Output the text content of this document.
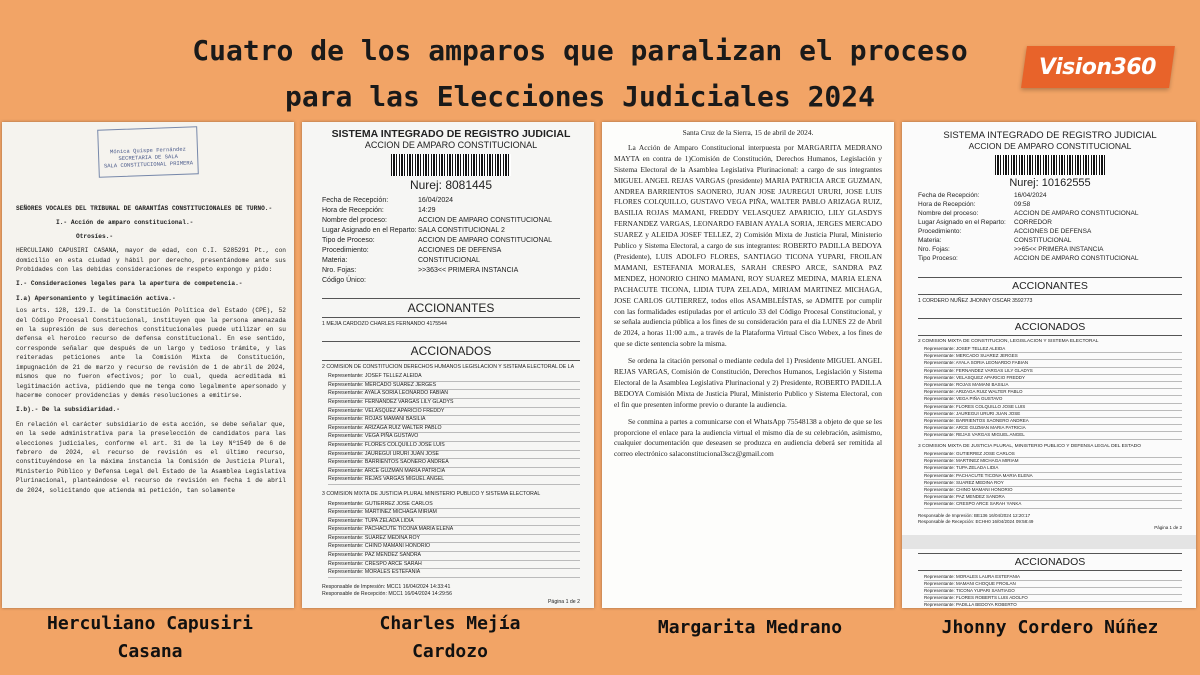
Cuatro de los amparos que paralizan el proceso
para las Elecciones Judiciales 2024
Vision360
Mónica Quispe Fernández
SECRETARIA DE SALA
SALA CONSTITUCIONAL PRIMERA
SEÑORES VOCALES DEL TRIBUNAL DE GARANTÍAS CONSTITUCIONALES DE TURNO.-
I.- Acción de amparo constitucional.-
Otrosíes.-
HERCULIANO CAPUSIRI CASANA, mayor de edad, con C.I. 5285291 Pt., con domicilio en esta ciudad y hábil por derecho, presentándome ante sus Probidades con las debidas consideraciones de respeto expongo y pido:
I.- Consideraciones legales para la apertura de competencia.-
I.a) Apersonamiento y legitimación activa.-
Los arts. 128, 129.I. de la Constitución Política del Estado (CPE), 52 del Código Procesal Constitucional, instituyen que la persona amenazada en la supresión de sus derechos constitucionales puede utilizar en su defensa el heroico recurso de defensa constitucional. En ese sentido, corresponde señalar que después de un largo y tedioso trámite, y las reiteradas peticiones ante la Comisión Mixta de Constitución, impugnación de 21 de marzo y recurso de revisión de 1 de abril de 2024, mismos que no fueron efectivos; por lo cual, queda acreditada mi legitimación activa, pidiendo que me tenga como legalmente apersonado y hacerme conocer providencias y demás resoluciones a emitirse.
I.b).- De la subsidiaridad.-
En relación el carácter subsidiario de esta acción, se debe señalar que, en la sede administrativa para la preselección de candidatos para las elecciones judiciales, conforme el art. 31 de la Ley Nº1549 de 6 de febrero de 2024, el recurso de revisión es el último recurso, constituyéndose en la máxima instancia la Comisión de Justicia Plural, Ministerio Público y Defensa Legal del Estado de la Asamblea Legislativa Plurinacional, planteándose el recurso de revisión en fecha 1 de abril de 2024, solicitando que atienda mi petición, tan solamente
SISTEMA INTEGRADO DE REGISTRO JUDICIAL
ACCION DE AMPARO CONSTITUCIONAL
Nurej: 8081445
Fecha de Recepción:	16/04/2024
Hora de Recepción:	14:29
Nombre del proceso:	ACCION DE AMPARO CONSTITUCIONAL
Lugar Asignado en el Reparto: SALA CONSTITUCIONAL 2
Tipo de Proceso:	ACCION DE AMPARO CONSTITUCIONAL
Procedimiento:	ACCIONES DE DEFENSA
Materia:	CONSTITUCIONAL
Nro. Fojas:	>>363<< PRIMERA INSTANCIA
Código Único:
ACCIONANTES
1 MEJIA CARDOZO CHARLES FERNANDO 4175544
ACCIONADOS
2 COMISION DE CONSTITUCION DERECHOS HUMANOS LEGISLACION Y SISTEMA ELECTORAL DE LA
Representante: JOSEF TELLEZ ALEIDA
Representante: MERCADO SUAREZ JERGES
Representante: AYALA SORIA LEONARDO FABIAN
Representante: FERNANDEZ VARGAS LILY GLADYS
Representante: VELASQUEZ APARICIO FREDDY
Representante: ROJAS MAMANI BASILIA
Representante: ARIZAGA RUIZ WALTER PABLO
Representante: VEGA PIÑA GUSTAVO
Representante: FLORES COLQUILLO JOSE LUIS
Representante: JAUREGUI URURI JUAN JOSE
Representante: BARRIENTOS SAONERO ANDREA
Representante: ARCE GUZMAN MARIA PATRICIA
Representante: REJAS VARGAS MIGUEL ANGEL
3 COMISION MIXTA DE JUSTICIA PLURAL MINISTERIO PUBLICO Y SISTEMA ELECTORAL
Representante: GUTIERREZ JOSE CARLOS
Representante: MARTINEZ MICHAGA MIRIAM
Representante: TUPA ZELADA LIDIA
Representante: PACHACUTE TICONA MARIA ELENA
Representante: SUAREZ MEDINA ROY
Representante: CHINO MAMANI HONORIO
Representante: PAZ MENDEZ SANDRA
Representante: CRESPO ARCE SARAH
Representante: MORALES ESTEFANIA
Responsable de Impresión: MCC1 16/04/2024 14:33:41
Responsable de Recepción: MCC1 16/04/2024 14:29:56
Página 1 de 2
Santa Cruz de la Sierra, 15 de abril de 2024.
La Acción de Amparo Constitucional interpuesta por MARGARITA MEDRANO MAYTA en contra de 1)Comisión de Constitución, Derechos Humanos, Legislación y Sistema Electoral de la Asamblea Legislativa Plurinacional: a cargo de sus integrantes MIGUEL ANGEL REJAS VARGAS (presidente) MARIA PATRICIA ARCE GUZMAN, ANDREA BARRIENTOS SAONERO, JUAN JOSE JAUREGUI URURI, JOSE LUIS FLORES COLQUILLO, GUSTAVO VEGA PIÑA, WALTER PABLO ARIZAGA RUIZ, BASILIA ROJAS MAMANI, FREDDY VELASQUEZ APARICIO, LILY GLASDYS FERNANDEZ VARGAS, LEONARDO FABIAN AYALA SORIA, JERGES MERCADO SUAREZ y ALEIDA JOSEF TELLEZ, 2) Comisión Mixta de Justicia Plural, Ministerio Publico y Sistema Electoral, a cargo de sus integrantes: ROBERTO PADILLA BEDOYA (Presidente), LUIS ADOLFO FLORES, SANTIAGO TICONA YUPARI, FROILAN MAMANI, ESTEFANIA MORALES, SARAH CRESPO ARCE, SANDRA PAZ MENDEZ, HONORIO CHINO MAMANI, ROY SUAREZ MEDINA, MARIA ELENA PACHACUTE TICONA, LIDIA TUPA ZELADA, MIRIAM MARTINEZ MICHAGA, JOSE CARLOS GUTIERREZ, todos ellos ASAMBLEÍSTAS, se ADMITE por cumplir con las formalidades estipuladas por el artículo 33 del Código Procesal Constitucional, y se señala audiencia pública a los fines de su consideración para el día LUNES 22 de Abril de 2024, a horas 11:00 a.m., a través de la Plataforma Virtual Cisco Webex, a los fines de que se dicte sentencia sobre la misma.
Se ordena la citación personal o mediante cedula del 1) Presidente MIGUEL ANGEL REJAS VARGAS, Comisión de Constitución, Derechos Humanos, Legislación y Sistema Electoral de la Asamblea Legislativa Plurinacional y 2) Presidente, ROBERTO PADILLA BEDOYA Comisión Mixta de Justicia Plural, Ministerio Publico y Sistema Electoral, con el fin que presenten informe previo o durante la audiencia.
Se conmina a partes a comunicarse con el WhatsApp 75548138 a objeto de que se les proporcione el enlace para la audiencia virtual el mismo día de su celebración, asimismo, cualquier documentación que deseasen se produzca en audiencia deberá ser remitida al correo electrónico salaconstitucional3scz@gmail.com
SISTEMA INTEGRADO DE REGISTRO JUDICIAL
ACCION DE AMPARO CONSTITUCIONAL
Nurej: 10162555
Fecha de Recepción:	16/04/2024
Hora de Recepción:	09:58
Nombre del proceso:	ACCION DE AMPARO CONSTITUCIONAL
Lugar Asignado en el Reparto:	CORREDOR
Procedimiento:	ACCIONES DE DEFENSA
Materia:	CONSTITUCIONAL
Nro. Fojas:	>>65<< PRIMERA INSTANCIA
Tipo Proceso:	ACCION DE AMPARO CONSTITUCIONAL
ACCIONANTES
1 CORDERO NUÑEZ JHONNY OSCAR 3592773
ACCIONADOS
2 COMISION MIXTA DE CONSTITUCION, LEGISLACION Y SISTEMA ELECTORAL
Representante: JOSEF TELLEZ ALEIDA
Representante: MERCADO SUAREZ JERGES
Representante: AYALA SORIA LEONARDO FABIAN
Representante: FERNANDEZ VARGAS LILY GLADYS
Representante: VELASQUEZ APARICIO FREDDY
Representante: ROJAS MAMANI BASILIA
Representante: ARIZAGA RUIZ WALTER PABLO
Representante: VEGA PIÑA GUSTAVO
Representante: FLORES COLQUILLO JOSE LUIS
Representante: JAUREGUI URURI JUAN JOSE
Representante: BARRIENTOS SAONERO ANDREA
Representante: ARCE GUZMAN MARIA PATRICIA
Representante: REJAS VARGAS MIGUEL ANGEL
3 COMISION MIXTA DE JUSTICIA PLURAL, MINISTERIO PUBLICO Y DEFENSA LEGAL DEL ESTADO
Representante: GUTIERREZ JOSE CARLOS
Representante: MARTINEZ MICHAGA MIRIAM
Representante: TUPA ZELADA LIDIA
Representante: PACHACUTE TICONA MARIA ELENA
Representante: SUAREZ MEDINA ROY
Representante: CHINO MAMANI HONORIO
Representante: PAZ MENDEZ SANDRA
Representante: CRESPO ARCE SARAH YANKA
Responsable de Impresión: BE136 16/04/2024 12:20:17
Responsable de Recepción: ECHH0 16/04/2024 09:58:49
Página 1 de 2
ACCIONADOS
Representante: MORALES LAURA ESTEFANIA
Representante: MAMANI CHOQUE FROILAN
Representante: TICONA YUPARI SANTIAGO
Representante: FLORES ROBERTS LUIS ADOLFO
Representante: PADILLA BEDOYA ROBERTO
Herculiano Capusiri
Casana
Charles Mejía
Cardozo
Margarita Medrano	Jhonny Cordero Núñez
